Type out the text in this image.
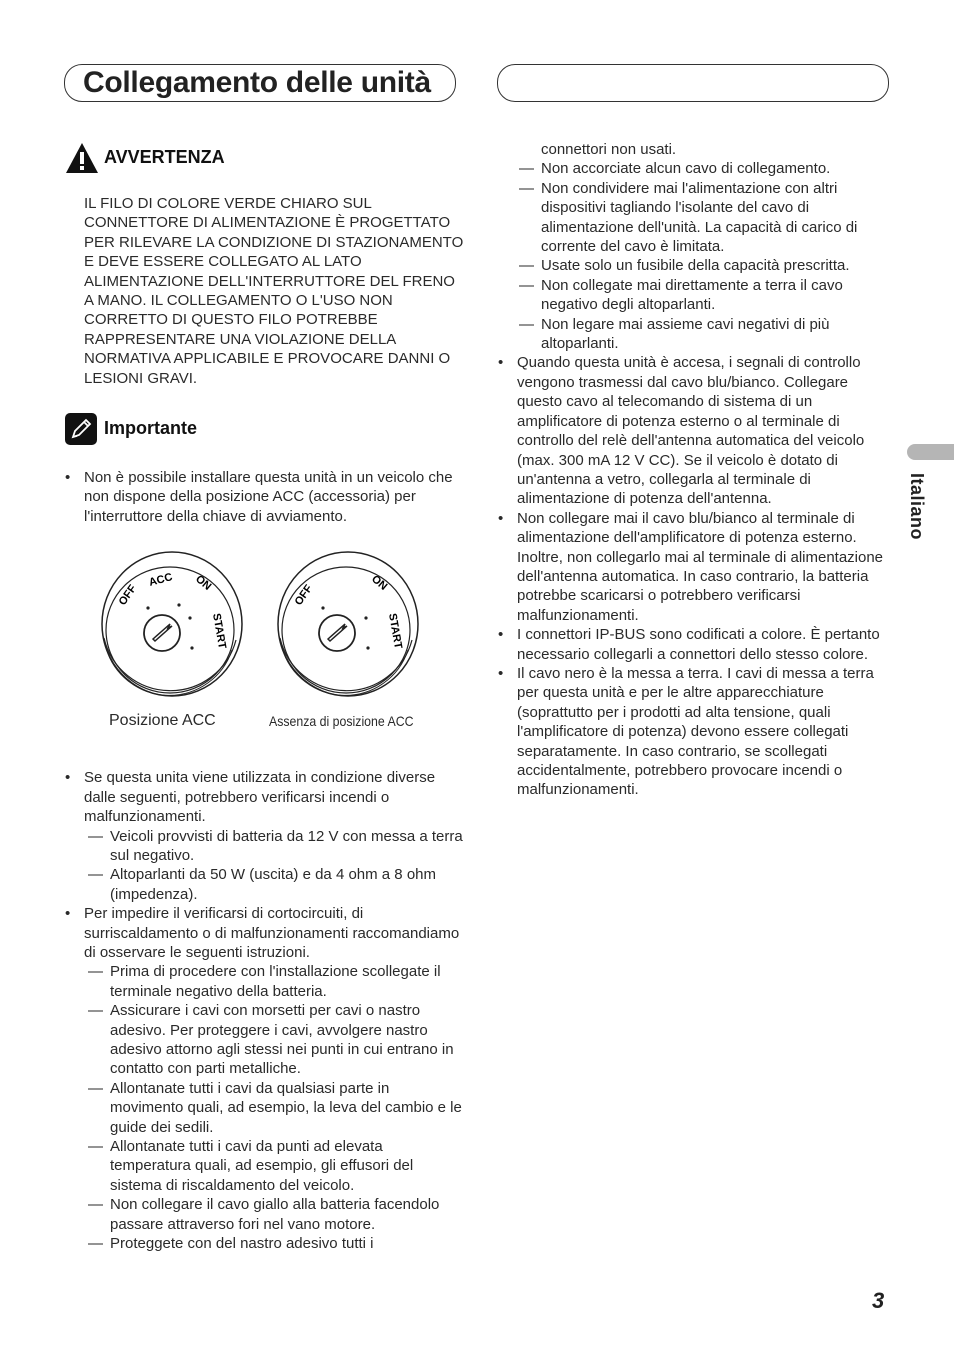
Collegamento delle unità
AVVERTENZA
IL FILO DI COLORE VERDE CHIARO SUL CONNETTORE DI ALIMENTAZIONE È PROGETTATO PER RILEVARE LA CONDIZIONE DI STAZIONAMENTO E DEVE ESSERE COLLEGATO AL LATO ALIMENTAZIONE DELL'INTERRUTTORE DEL FRENO A MANO. IL COLLEGAMENTO O L'USO NON CORRETTO DI QUESTO FILO POTREBBE RAPPRESENTARE UNA VIOLAZIONE DELLA NORMATIVA APPLICABILE E PROVOCARE DANNI O LESIONI GRAVI.
Importante
• Non è possibile installare questa unità in un veicolo che non dispone della posizione ACC (accessoria) per l'interruttore della chiave di avviamento.
OFF
ACC ON
START
OFF	ON
START
Posizione ACC	Assenza di posizione ACC
• Se questa unita viene utilizzata in condizione diverse dalle seguenti, potrebbero verificarsi incendi o malfunzionamenti.
— Veicoli provvisti di batteria da 12 V con messa a terra sul negativo.
— Altoparlanti da 50 W (uscita) e da 4 ohm a 8 ohm (impedenza).
• Per impedire il verificarsi di cortocircuiti, di surriscaldamento o di malfunzionamenti raccomandiamo di osservare le seguenti istruzioni.
— Prima di procedere con l'installazione scollegate il terminale negativo della batteria.
— Assicurare i cavi con morsetti per cavi o nastro adesivo. Per proteggere i cavi, avvolgere nastro adesivo attorno agli stessi nei punti in cui entrano in contatto con parti metalliche.
— Allontanate tutti i cavi da qualsiasi parte in movimento quali, ad esempio, la leva del cambio e le guide dei sedili.
— Allontanate tutti i cavi da punti ad elevata temperatura quali, ad esempio, gli effusori del sistema di riscaldamento del veicolo.
— Non collegare il cavo giallo alla batteria facendolo passare attraverso fori nel vano motore.
— Proteggete con del nastro adesivo tutti i
connettori non usati.
— Non accorciate alcun cavo di collegamento.
— Non condividere mai l'alimentazione con altri dispositivi tagliando l'isolante del cavo di alimentazione dell'unità. La capacità di carico di corrente del cavo è limitata.
— Usate solo un fusibile della capacità prescritta.
— Non collegate mai direttamente a terra il cavo negativo degli altoparlanti.
— Non legare mai assieme cavi negativi di più altoparlanti.
• Quando questa unità è accesa, i segnali di controllo vengono trasmessi dal cavo blu/bianco. Collegare questo cavo al telecomando di sistema di un amplificatore di potenza esterno o al terminale di controllo del relè dell'antenna automatica del veicolo (max. 300 mA 12 V CC). Se il veicolo è dotato di un'antenna a vetro, collegarla al terminale di alimentazione di potenza dell'antenna.
• Non collegare mai il cavo blu/bianco al terminale di alimentazione dell'amplificatore di potenza esterno. Inoltre, non collegarlo mai al terminale di alimentazione dell'antenna automatica. In caso contrario, la batteria potrebbe scaricarsi o potrebbero verificarsi malfunzionamenti.
• I connettori IP-BUS sono codificati a colore. È pertanto necessario collegarli a connettori dello stesso colore.
• Il cavo nero è la messa a terra. I cavi di messa a terra per questa unità e per le altre apparecchiature (soprattutto per i prodotti ad alta tensione, quali l'amplificatore di potenza) devono essere collegati separatamente. In caso contrario, se scollegati accidentalmente, potrebbero provocare incendi o malfunzionamenti.
Italiano
3
